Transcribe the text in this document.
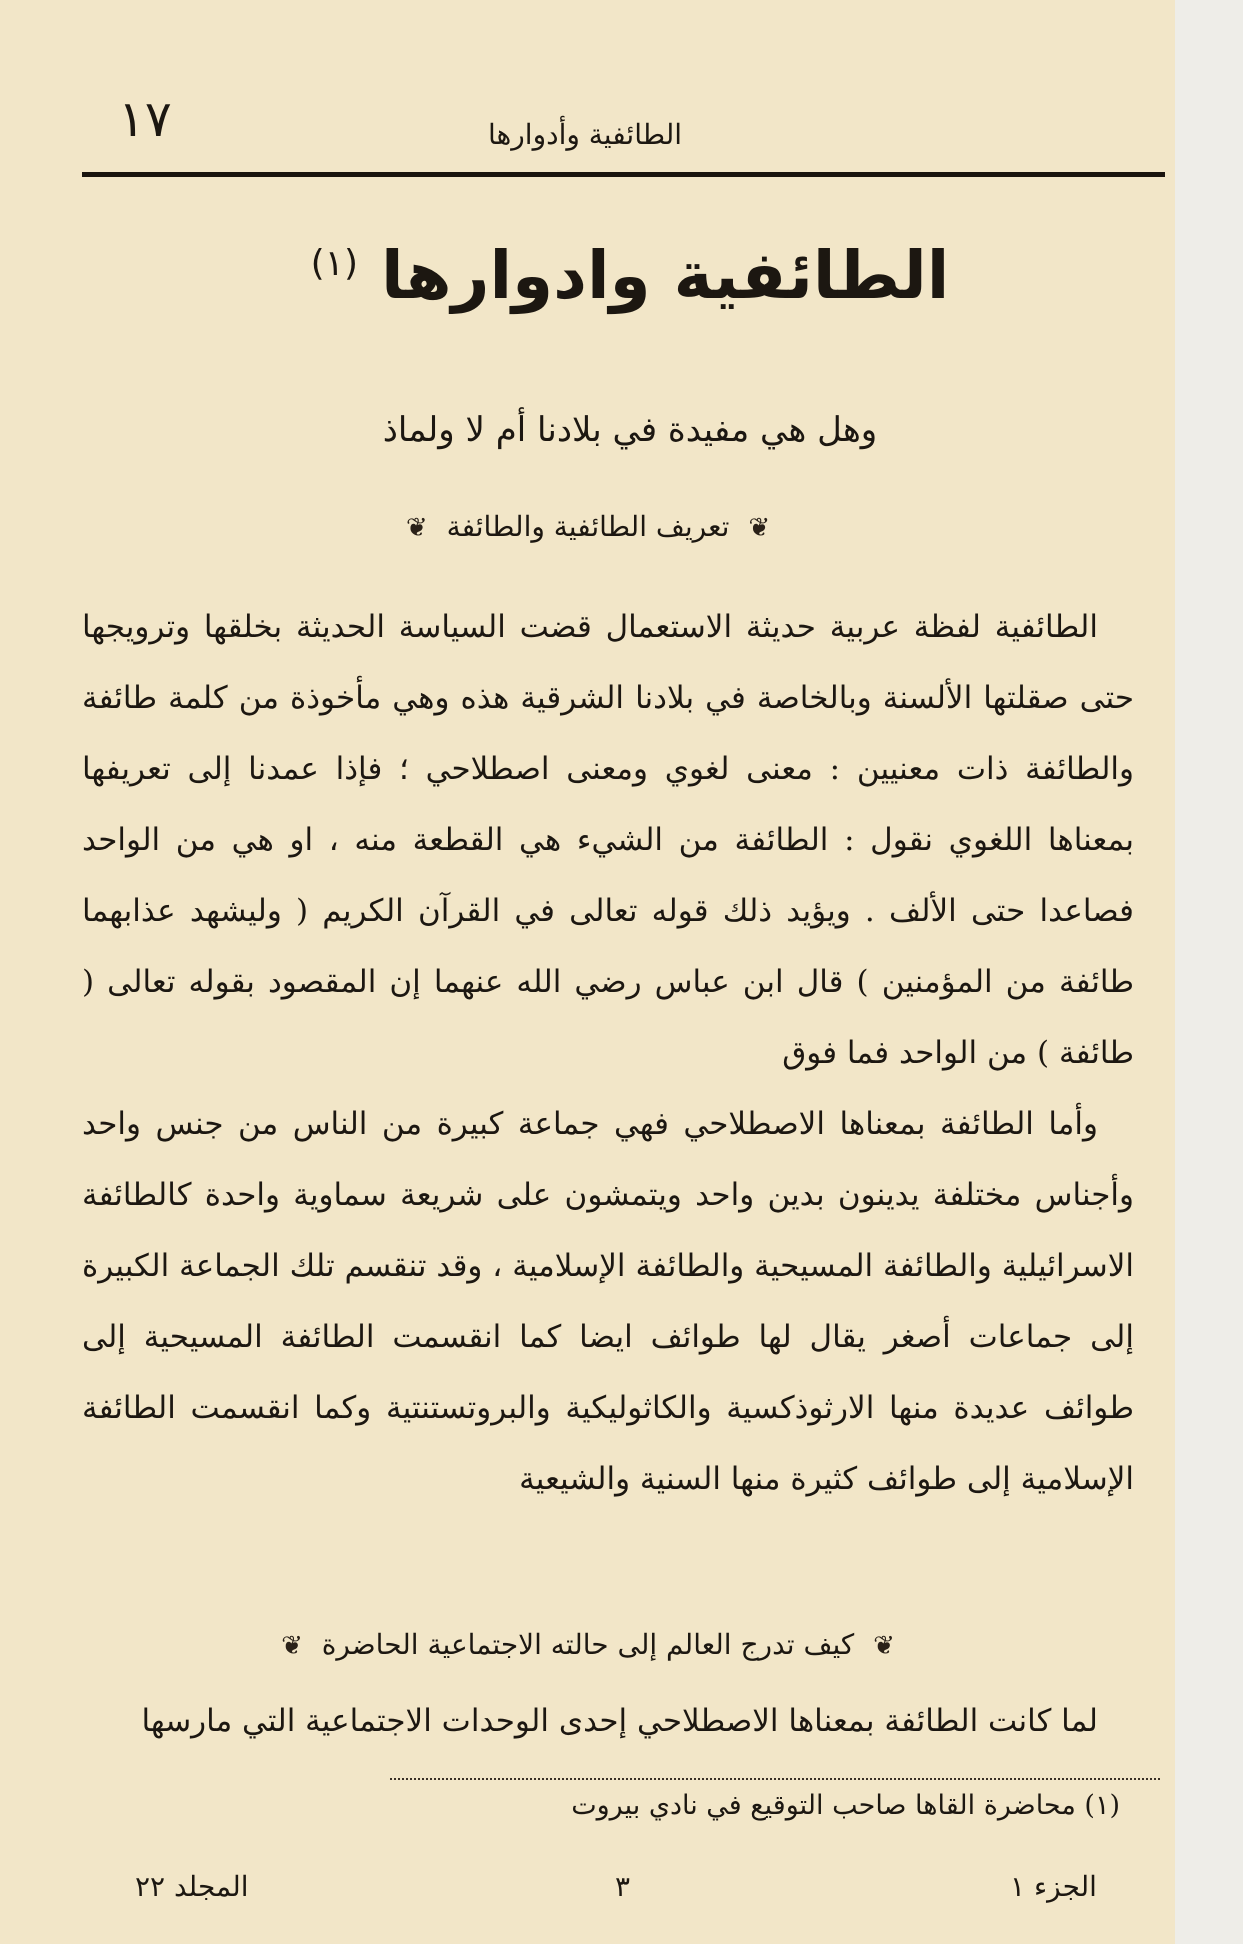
١٧	الطائفية وأدوارها
الطائفية وادوارها $^{(١)}$
وهل هي مفيدة في بلادنا أم لا ولماذ
❦ تعريف الطائفية والطائفة ❦

الطائفية لفظة عربية حديثة الاستعمال قضت السياسة الحديثة بخلقها وترويجها حتى صقلتها الألسنة وبالخاصة في بلادنا الشرقية هذه وهي مأخوذة من كلمة طائفة والطائفة ذات معنيين : معنى لغوي ومعنى اصطلاحي ؛ فإذا عمدنا إلى تعريفها بمعناها اللغوي نقول : الطائفة من الشيء هي القطعة منه ، او هي من الواحد فصاعدا حتى الألف . ويؤيد ذلك قوله تعالى في القرآن الكريم ( وليشهد عذابهما طائفة من المؤمنين ) قال ابن عباس رضي الله عنهما إن المقصود بقوله تعالى ( طائفة ) من الواحد فما فوق

وأما الطائفة بمعناها الاصطلاحي فهي جماعة كبيرة من الناس من جنس واحد وأجناس مختلفة يدينون بدين واحد ويتمشون على شريعة سماوية واحدة كالطائفة الاسرائيلية والطائفة المسيحية والطائفة الإسلامية ، وقد تنقسم تلك الجماعة الكبيرة إلى جماعات أصغر يقال لها طوائف ايضا كما انقسمت الطائفة المسيحية إلى طوائف عديدة منها الارثوذكسية والكاثوليكية والبروتستنتية وكما انقسمت الطائفة الإسلامية إلى طوائف كثيرة منها السنية والشيعية

❦ كيف تدرج العالم إلى حالته الاجتماعية الحاضرة ❦

لما كانت الطائفة بمعناها الاصطلاحي إحدى الوحدات الاجتماعية التي مارسها

(١) محاضرة القاها صاحب التوقيع في نادي بيروت
الجزء ١
٣
المجلد ٢٢
